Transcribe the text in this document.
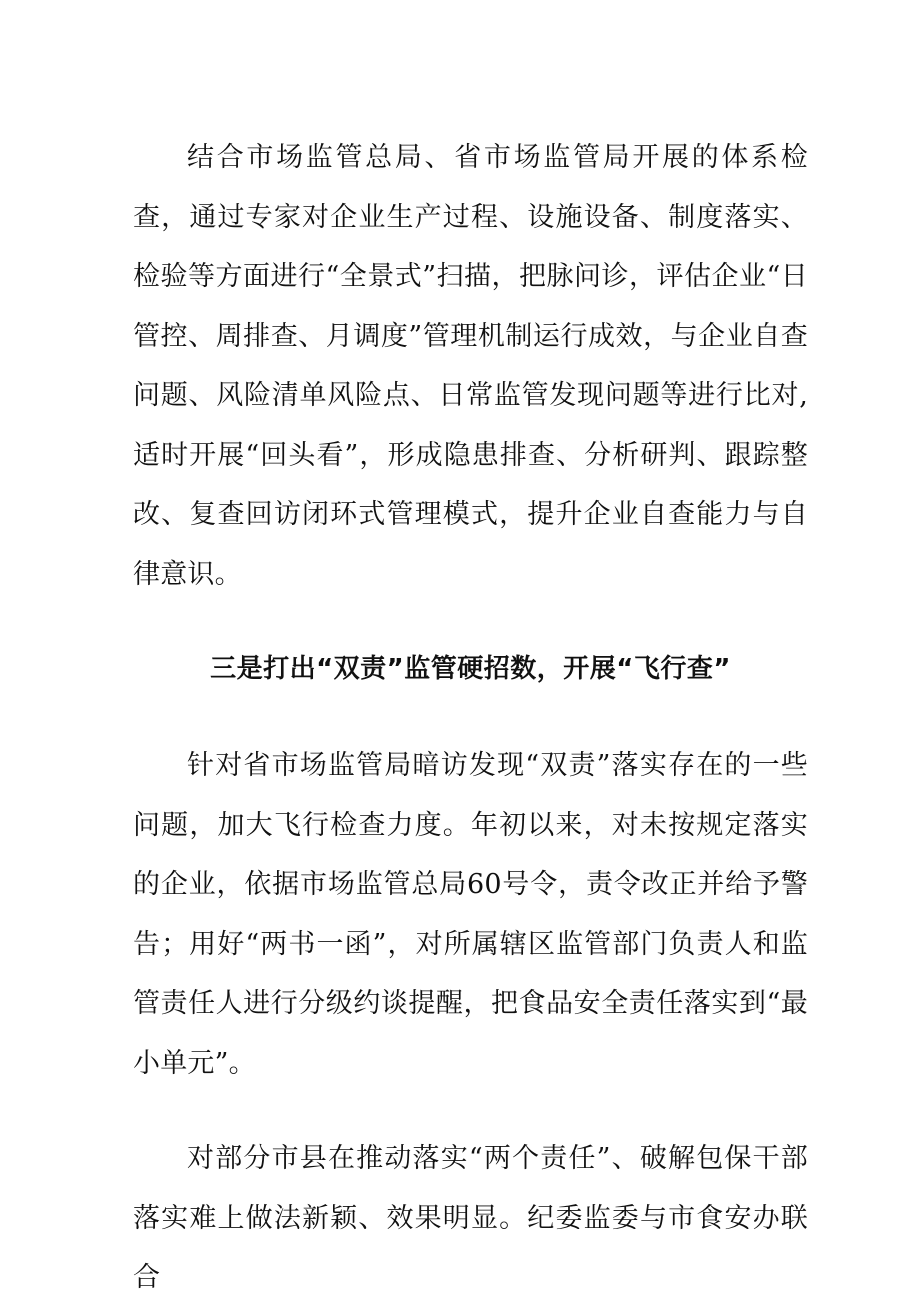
结合市场监管总局、省市场监管局开展的体系检查，通过专家对企业生产过程、设施设备、制度落实、检验等方面进行“全景式”扫描，把脉问诊，评估企业“日管控、周排查、月调度”管理机制运行成效，与企业自查问题、风险清单风险点、日常监管发现问题等进行比对,适时开展“回头看”，形成隐患排查、分析研判、跟踪整改、复查回访闭环式管理模式，提升企业自查能力与自律意识。

三是打出“双责”监管硬招数，开展“飞行查”

针对省市场监管局暗访发现“双责”落实存在的一些问题，加大飞行检查力度。年初以来，对未按规定落实的企业，依据市场监管总局60号令，责令改正并给予警告；用好“两书一函”，对所属辖区监管部门负责人和监管责任人进行分级约谈提醒，把食品安全责任落实到“最小单元”。

对部分市县在推动落实“两个责任”、破解包保干部落实难上做法新颖、效果明显。纪委监委与市食安办联合
